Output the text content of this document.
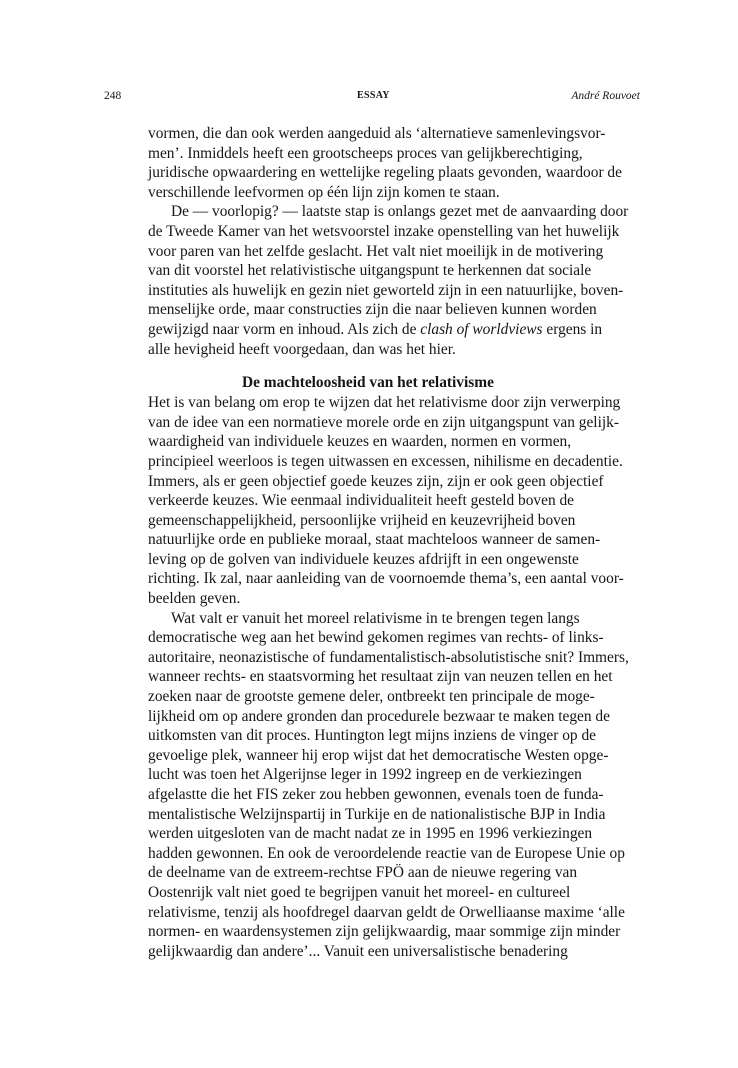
248	ESSAY	André Rouvoet
vormen, die dan ook werden aangeduid als ‘alternatieve samenlevingsvor-
men’. Inmiddels heeft een grootscheeps proces van gelijkberechtiging,
juridische opwaardering en wettelijke regeling plaats gevonden, waardoor de
verschillende leefvormen op één lijn zijn komen te staan.
De — voorlopig? — laatste stap is onlangs gezet met de aanvaarding door
de Tweede Kamer van het wetsvoorstel inzake openstelling van het huwelijk
voor paren van het zelfde geslacht. Het valt niet moeilijk in de motivering
van dit voorstel het relativistische uitgangspunt te herkennen dat sociale
instituties als huwelijk en gezin niet geworteld zijn in een natuurlijke, boven-
menselijke orde, maar constructies zijn die naar believen kunnen worden
gewijzigd naar vorm en inhoud. Als zich de clash of worldviews ergens in
alle hevigheid heeft voorgedaan, dan was het hier.
De machteloosheid van het relativisme
Het is van belang om erop te wijzen dat het relativisme door zijn verwerping
van de idee van een normatieve morele orde en zijn uitgangspunt van gelijk-
waardigheid van individuele keuzes en waarden, normen en vormen,
principieel weerloos is tegen uitwassen en excessen, nihilisme en decadentie.
Immers, als er geen objectief goede keuzes zijn, zijn er ook geen objectief
verkeerde keuzes. Wie eenmaal individualiteit heeft gesteld boven de
gemeenschappelijkheid, persoonlijke vrijheid en keuzevrijheid boven
natuurlijke orde en publieke moraal, staat machteloos wanneer de samen-
leving op de golven van individuele keuzes afdrijft in een ongewenste
richting. Ik zal, naar aanleiding van de voornoemde thema’s, een aantal voor-
beelden geven.
Wat valt er vanuit het moreel relativisme in te brengen tegen langs
democratische weg aan het bewind gekomen regimes van rechts- of links-
autoritaire, neonazistische of fundamentalistisch-absolutistische snit? Immers,
wanneer rechts- en staatsvorming het resultaat zijn van neuzen tellen en het
zoeken naar de grootste gemene deler, ontbreekt ten principale de moge-
lijkheid om op andere gronden dan procedurele bezwaar te maken tegen de
uitkomsten van dit proces. Huntington legt mijns inziens de vinger op de
gevoelige plek, wanneer hij erop wijst dat het democratische Westen opge-
lucht was toen het Algerijnse leger in 1992 ingreep en de verkiezingen
afgelastte die het FIS zeker zou hebben gewonnen, evenals toen de funda-
mentalistische Welzijnspartij in Turkije en de nationalistische BJP in India
werden uitgesloten van de macht nadat ze in 1995 en 1996 verkiezingen
hadden gewonnen. En ook de veroordelende reactie van de Europese Unie op
de deelname van de extreem-rechtse FPÖ aan de nieuwe regering van
Oostenrijk valt niet goed te begrijpen vanuit het moreel- en cultureel
relativisme, tenzij als hoofdregel daarvan geldt de Orwelliaanse maxime ‘alle
normen- en waardensystemen zijn gelijkwaardig, maar sommige zijn minder
gelijkwaardig dan andere’... Vanuit een universalistische benadering
